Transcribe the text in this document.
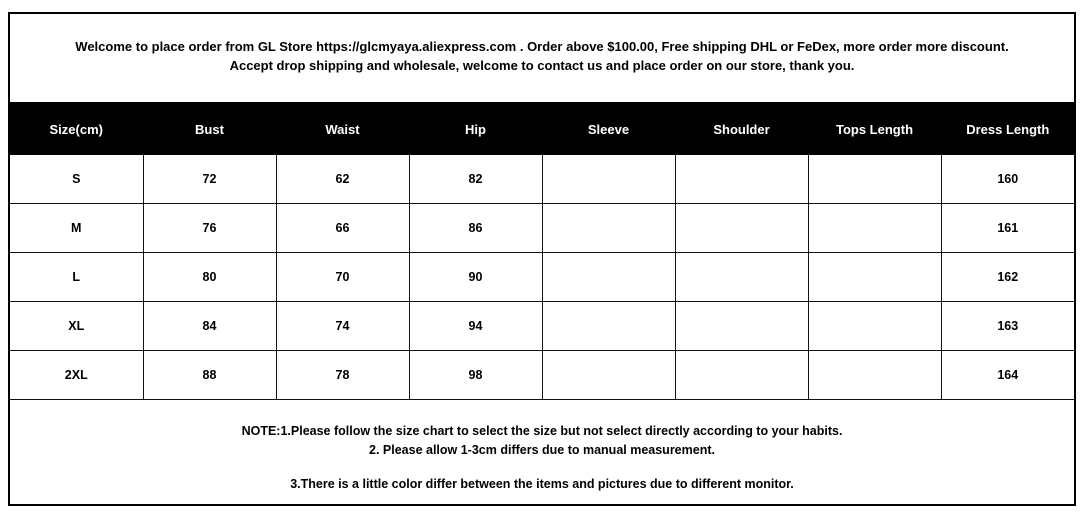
Welcome to place order from GL Store https://glcmyaya.aliexpress.com . Order above $100.00, Free shipping DHL or FeDex, more order more discount.
Accept drop shipping and wholesale, welcome to contact us and place order on our store, thank you.
Size(cm)	Bust	Waist	Hip	Sleeve	Shoulder	Tops Length	Dress Length
S	72	62	82				160
M	76	66	86				161
L	80	70	90				162
XL	84	74	94				163
2XL	88	78	98				164
NOTE:1.Please follow the size chart to select the size but not select directly according to your habits.
2. Please allow 1-3cm differs due to manual measurement.
3.There is a little color differ between the items and pictures due to different monitor.
